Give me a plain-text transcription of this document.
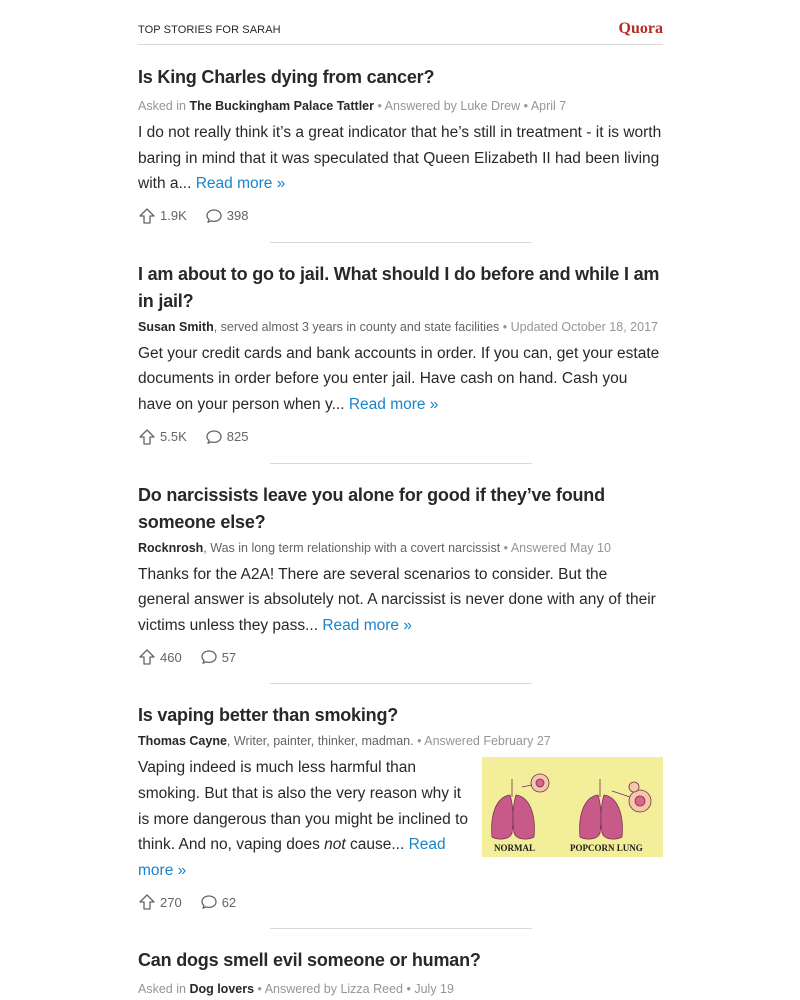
TOP STORIES FOR SARAH	Quora
Is King Charles dying from cancer?
Asked in The Buckingham Palace Tattler • Answered by Luke Drew • April 7
I do not really think it’s a great indicator that he’s still in treatment - it is worth baring in mind that it was speculated that Queen Elizabeth II had been living with a... Read more »
1.9K	398
I am about to go to jail. What should I do before and while I am in jail?
Susan Smith, served almost 3 years in county and state facilities • Updated October 18, 2017
Get your credit cards and bank accounts in order. If you can, get your estate documents in order before you enter jail. Have cash on hand. Cash you have on your person when y... Read more »
5.5K	825
Do narcissists leave you alone for good if they’ve found someone else?
Rocknrosh, Was in long term relationship with a covert narcissist • Answered May 10
Thanks for the A2A! There are several scenarios to consider. But the general answer is absolutely not. A narcissist is never done with any of their victims unless they pass... Read more »
460	57
Is vaping better than smoking?
Thomas Cayne, Writer, painter, thinker, madman. • Answered February 27
Vaping indeed is much less harmful than smoking. But that is also the very reason why it is more dangerous than you might be inclined to think. And no, vaping does not cause... Read more »
NORMAL	POPCORN LUNG
270	62
Can dogs smell evil someone or human?
Asked in Dog lovers • Answered by Lizza Reed • July 19
